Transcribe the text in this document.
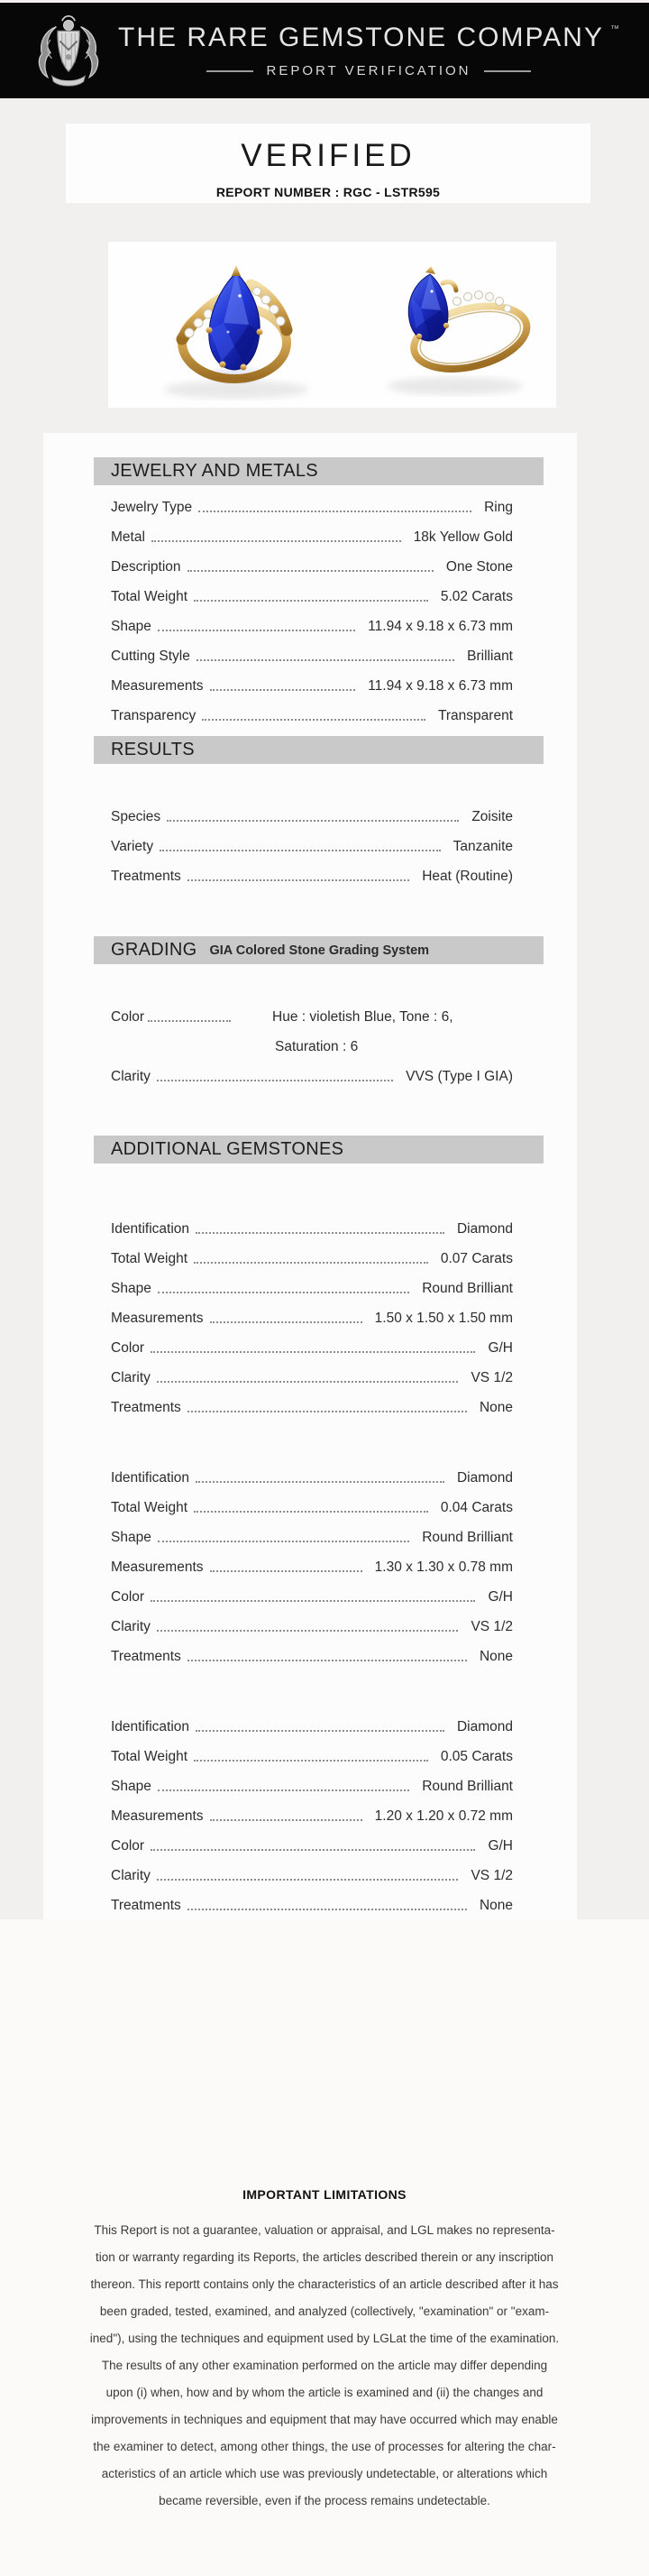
THE RARE GEMSTONE COMPANY ™
REPORT VERIFICATION
VERIFIED
REPORT NUMBER : RGC - LSTR595
JEWELRY AND METALS
Jewelry Type	Ring
Metal	18k Yellow Gold
Description	One Stone
Total Weight	5.02 Carats
Shape	11.94 x 9.18 x 6.73 mm
Cutting Style	Brilliant
Measurements	11.94 x 9.18 x 6.73 mm
Transparency	Transparent
RESULTS
Species	Zoisite
Variety	Tanzanite
Treatments	Heat (Routine)
GRADING GIA Colored Stone Grading System
Color	Hue : violetish Blue, Tone : 6,
Saturation : 6
Clarity	VVS (Type I GIA)
ADDITIONAL GEMSTONES
Identification	Diamond
Total Weight	0.07 Carats
Shape	Round Brilliant
Measurements	1.50 x 1.50 x 1.50 mm
Color	G/H
Clarity	VS 1/2
Treatments	None
Identification	Diamond
Total Weight	0.04 Carats
Shape	Round Brilliant
Measurements	1.30 x 1.30 x 0.78 mm
Color	G/H
Clarity	VS 1/2
Treatments	None
Identification	Diamond
Total Weight	0.05 Carats
Shape	Round Brilliant
Measurements	1.20 x 1.20 x 0.72 mm
Color	G/H
Clarity	VS 1/2
Treatments	None
IMPORTANT LIMITATIONS
This Report is not a guarantee, valuation or appraisal, and LGL makes no representa-
tion or warranty regarding its Reports, the articles described therein or any inscription
thereon. This reportt contains only the characteristics of an article described after it has
been graded, tested, examined, and analyzed (collectively, "examination" or "exam-
ined"), using the techniques and equipment used by LGLat the time of the examination.
The results of any other examination performed on the article may differ depending
upon (i) when, how and by whom the article is examined and (ii) the changes and
improvements in techniques and equipment that may have occurred which may enable
the examiner to detect, among other things, the use of processes for altering the char-
acteristics of an article which use was previously undetectable, or alterations which
became reversible, even if the process remains undetectable.
